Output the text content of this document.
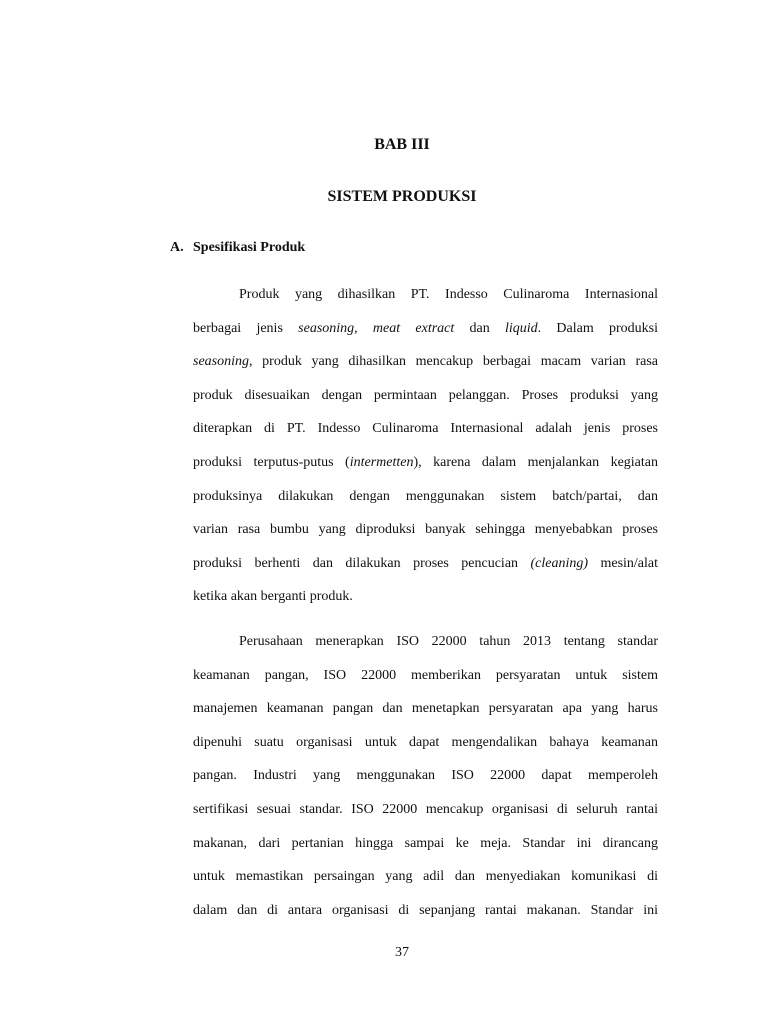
BAB III
SISTEM PRODUKSI
A. Spesifikasi Produk
Produk yang dihasilkan PT. Indesso Culinaroma Internasional
berbagai jenis seasoning, meat extract dan liquid. Dalam produksi
seasoning, produk yang dihasilkan mencakup berbagai macam varian rasa
produk disesuaikan dengan permintaan pelanggan. Proses produksi yang
diterapkan di PT. Indesso Culinaroma Internasional adalah jenis proses
produksi terputus-putus (intermetten), karena dalam menjalankan kegiatan
produksinya dilakukan dengan menggunakan sistem batch/partai, dan
varian rasa bumbu yang diproduksi banyak sehingga menyebabkan proses
produksi berhenti dan dilakukan proses pencucian (cleaning) mesin/alat
ketika akan berganti produk.
Perusahaan menerapkan ISO 22000 tahun 2013 tentang standar
keamanan pangan, ISO 22000 memberikan persyaratan untuk sistem
manajemen keamanan pangan dan menetapkan persyaratan apa yang harus
dipenuhi suatu organisasi untuk dapat mengendalikan bahaya keamanan
pangan. Industri yang menggunakan ISO 22000 dapat memperoleh
sertifikasi sesuai standar. ISO 22000 mencakup organisasi di seluruh rantai
makanan, dari pertanian hingga sampai ke meja. Standar ini dirancang
untuk memastikan persaingan yang adil dan menyediakan komunikasi di
dalam dan di antara organisasi di sepanjang rantai makanan. Standar ini
37
